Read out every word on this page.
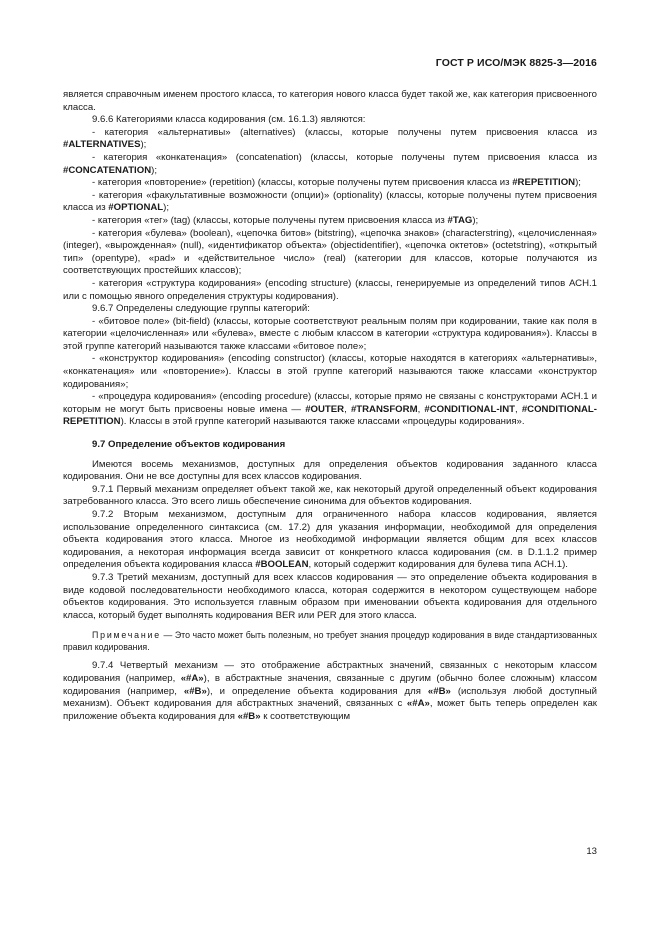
ГОСТ Р ИСО/МЭК 8825-3—2016

является справочным именем простого класса, то категория нового класса будет такой же, как категория присвоенного класса.

9.6.6 Категориями класса кодирования (см. 16.1.3) являются:

- категория «альтернативы» (alternatives) (классы, которые получены путем присвоения класса из #ALTERNATIVES);

- категория «конкатенация» (concatenation) (классы, которые получены путем присвоения класса из #CONCATENATION);

- категория «повторение» (repetition) (классы, которые получены путем присвоения класса из #REPETITION);

- категория «факультативные возможности (опции)» (optionality) (классы, которые получены путем присвоения класса из #OPTIONAL);

- категория «тег» (tag) (классы, которые получены путем присвоения класса из #TAG);

- категория «булева» (boolean), «цепочка битов» (bitstring), «цепочка знаков» (characterstring), «целочисленная» (integer), «вырожденная» (null), «идентификатор объекта» (objectidentifier), «цепочка октетов» (octetstring), «открытый тип» (opentype), «pad» и «действительное число» (real) (категории для классов, которые получаются из соответствующих простейших классов);

- категория «структура кодирования» (encoding structure) (классы, генерируемые из определений типов АСН.1 или с помощью явного определения структуры кодирования).

9.6.7 Определены следующие группы категорий:

- «битовое поле» (bit-field) (классы, которые соответствуют реальным полям при кодировании, такие как поля в категории «целочисленная» или «булева», вместе с любым классом в категории «структура кодирования»). Классы в этой группе категорий называются также классами «битовое поле»;

- «конструктор кодирования» (encoding constructor) (классы, которые находятся в категориях «альтернативы», «конкатенация» или «повторение»). Классы в этой группе категорий называются также классами «конструктор кодирования»;

- «процедура кодирования» (encoding procedure) (классы, которые прямо не связаны с конструкторами АСН.1 и которым не могут быть присвоены новые имена — #OUTER, #TRANSFORM, #CONDITIONAL-INT, #CONDITIONAL-REPETITION). Классы в этой группе категорий называются также классами «процедуры кодирования».

9.7 Определение объектов кодирования

Имеются восемь механизмов, доступных для определения объектов кодирования заданного класса кодирования. Они не все доступны для всех классов кодирования.

9.7.1 Первый механизм определяет объект такой же, как некоторый другой определенный объект кодирования затребованного класса. Это всего лишь обеспечение синонима для объектов кодирования.

9.7.2 Вторым механизмом, доступным для ограниченного набора классов кодирования, является использование определенного синтаксиса (см. 17.2) для указания информации, необходимой для определения объекта кодирования этого класса. Многое из необходимой информации является общим для всех классов кодирования, а некоторая информация всегда зависит от конкретного класса кодирования (см. в D.1.1.2 пример определения объекта кодирования класса #BOOLEAN, который содержит кодирования для булева типа АСН.1).

9.7.3 Третий механизм, доступный для всех классов кодирования — это определение объекта кодирования в виде кодовой последовательности необходимого класса, которая содержится в некотором существующем наборе объектов кодирования. Это используется главным образом при именовании объекта кодирования для отдельного класса, который будет выполнять кодирования BER или PER для этого класса.

Примечание — Это часто может быть полезным, но требует знания процедур кодирования в виде стандартизованных правил кодирования.

9.7.4 Четвертый механизм — это отображение абстрактных значений, связанных с некоторым классом кодирования (например, «#A»), в абстрактные значения, связанные с другим (обычно более сложным) классом кодирования (например, «#B»), и определение объекта кодирования для «#B» (используя любой доступный механизм). Объект кодирования для абстрактных значений, связанных с «#A», может быть теперь определен как приложение объекта кодирования для «#B» к соответствующим

13
